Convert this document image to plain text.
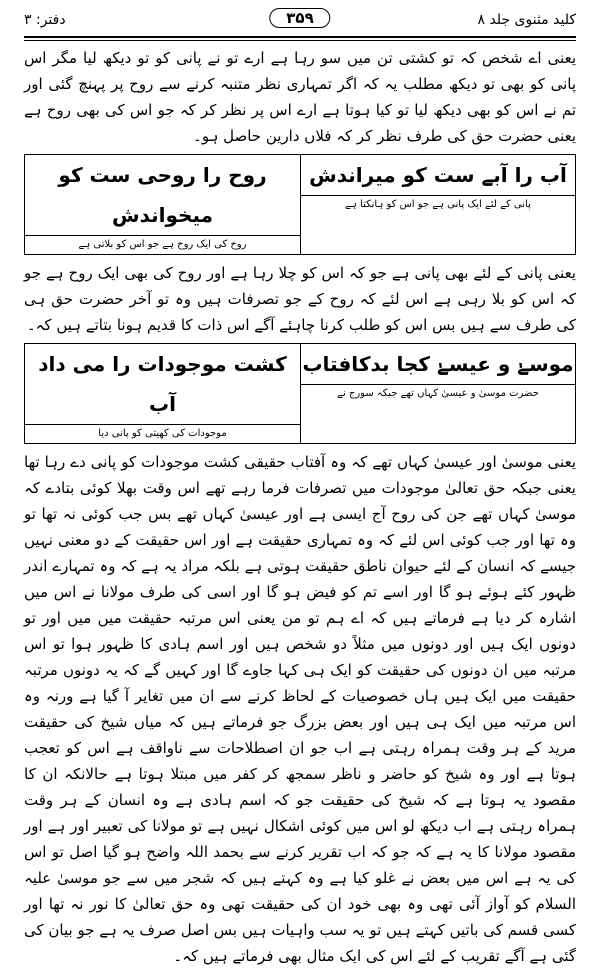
کلید مثنوی جلد ۸
۳۵۹
دفتر: ۳

یعنی اے شخص کہ تو کشتی تن میں سو رہا ہے ارے تو نے پانی کو تو دیکھ لیا مگر اس پانی کو بھی تو دیکھ مطلب یہ کہ اگر تمہاری نظر متنبہ کرنے سے روح پر پہنچ گئی اور تم نے اس کو بھی دیکھ لیا تو کیا ہوتا ہے ارے اس پر نظر کر کہ جو اس کی بھی روح ہے یعنی حضرت حق کی طرف نظر کر کہ فلاں دارین حاصل ہو۔

آب را آبے ست کو میراندش
پانی کے لئے ایک پانی ہے جو اس کو ہانکتا ہے
روح را روحی ست کو میخواندش
روح کی ایک روح ہے جو اس کو بلاتی ہے

یعنی پانی کے لئے بھی پانی ہے جو کہ اس کو چلا رہا ہے اور روح کی بھی ایک روح ہے جو کہ اس کو بلا رہی ہے اس لئے کہ روح کے جو تصرفات ہیں وہ تو آخر حضرت حق ہی کی طرف سے ہیں بس اس کو طلب کرنا چاہئے آگے اس ذات کا قدیم ہونا بتاتے ہیں کہ۔

موسےٰ و عیسےٰ کجا بدکافتاب
حضرت موسیٰ و عیسیٰ کہاں تھے جبکہ سورج نے
کشت موجودات را می داد آب
موجودات کی کھیتی کو پانی دیا

یعنی موسیٰ اور عیسیٰ کہاں تھے کہ وہ آفتاب حقیقی کشت موجودات کو پانی دے رہا تھا یعنی جبکہ حق تعالیٰ موجودات میں تصرفات فرما رہے تھے اس وقت بھلا کوئی بتادے کہ موسیٰ کہاں تھے جن کی روح آج ایسی ہے اور عیسیٰ کہاں تھے بس جب کوئی نہ تھا تو وہ تھا اور جب کوئی اس لئے کہ وہ تمہاری حقیقت ہے اور اس حقیقت کے دو معنی نہیں جیسے کہ انسان کے لئے حیوان ناطق حقیقت ہوتی ہے بلکہ مراد یہ ہے کہ وہ تمہارے اندر ظہور کئے ہوئے ہو گا اور اسے تم کو فیض ہو گا اور اسی کی طرف مولانا نے اس میں اشارہ کر دیا ہے فرماتے ہیں کہ اے ہم تو من یعنی اس مرتبہ حقیقت میں میں اور تو دونوں ایک ہیں اور دونوں میں مثلاً دو شخص ہیں اور اسم ہادی کا ظہور ہوا تو اس مرتبہ میں ان دونوں کی حقیقت کو ایک ہی کہا جاوے گا اور کہیں گے کہ یہ دونوں مرتبہ حقیقت میں ایک ہیں ہاں خصوصیات کے لحاظ کرنے سے ان میں تغایر آ گیا ہے ورنہ وہ اس مرتبہ میں ایک ہی ہیں اور بعض بزرگ جو فرماتے ہیں کہ میاں شیخ کی حقیقت مرید کے ہر وقت ہمراہ رہتی ہے اب جو ان اصطلاحات سے ناواقف ہے اس کو تعجب ہوتا ہے اور وہ شیخ کو حاضر و ناظر سمجھ کر کفر میں مبتلا ہوتا ہے حالانکہ ان کا مقصود یہ ہوتا ہے کہ شیخ کی حقیقت جو کہ اسم ہادی ہے وہ انسان کے ہر وقت ہمراہ رہتی ہے اب دیکھ لو اس میں کوئی اشکال نہیں ہے تو مولانا کی تعبیر اور ہے اور مقصود مولانا کا یہ ہے کہ جو کہ اب تقریر کرنے سے بحمد اللہ واضح ہو گیا اصل تو اس کی یہ ہے اس میں بعض نے غلو کیا ہے وہ کہتے ہیں کہ شجر میں سے جو موسیٰ علیہ السلام کو آواز آئی تھی وہ بھی خود ان کی حقیقت تھی وہ حق تعالیٰ کا نور نہ تھا اور کسی قسم کی باتیں کہتے ہیں تو یہ سب واہیات ہیں بس اصل صرف یہ ہے جو بیان کی گئی ہے آگے تقریب کے لئے اس کی ایک مثال بھی فرماتے ہیں کہ۔
